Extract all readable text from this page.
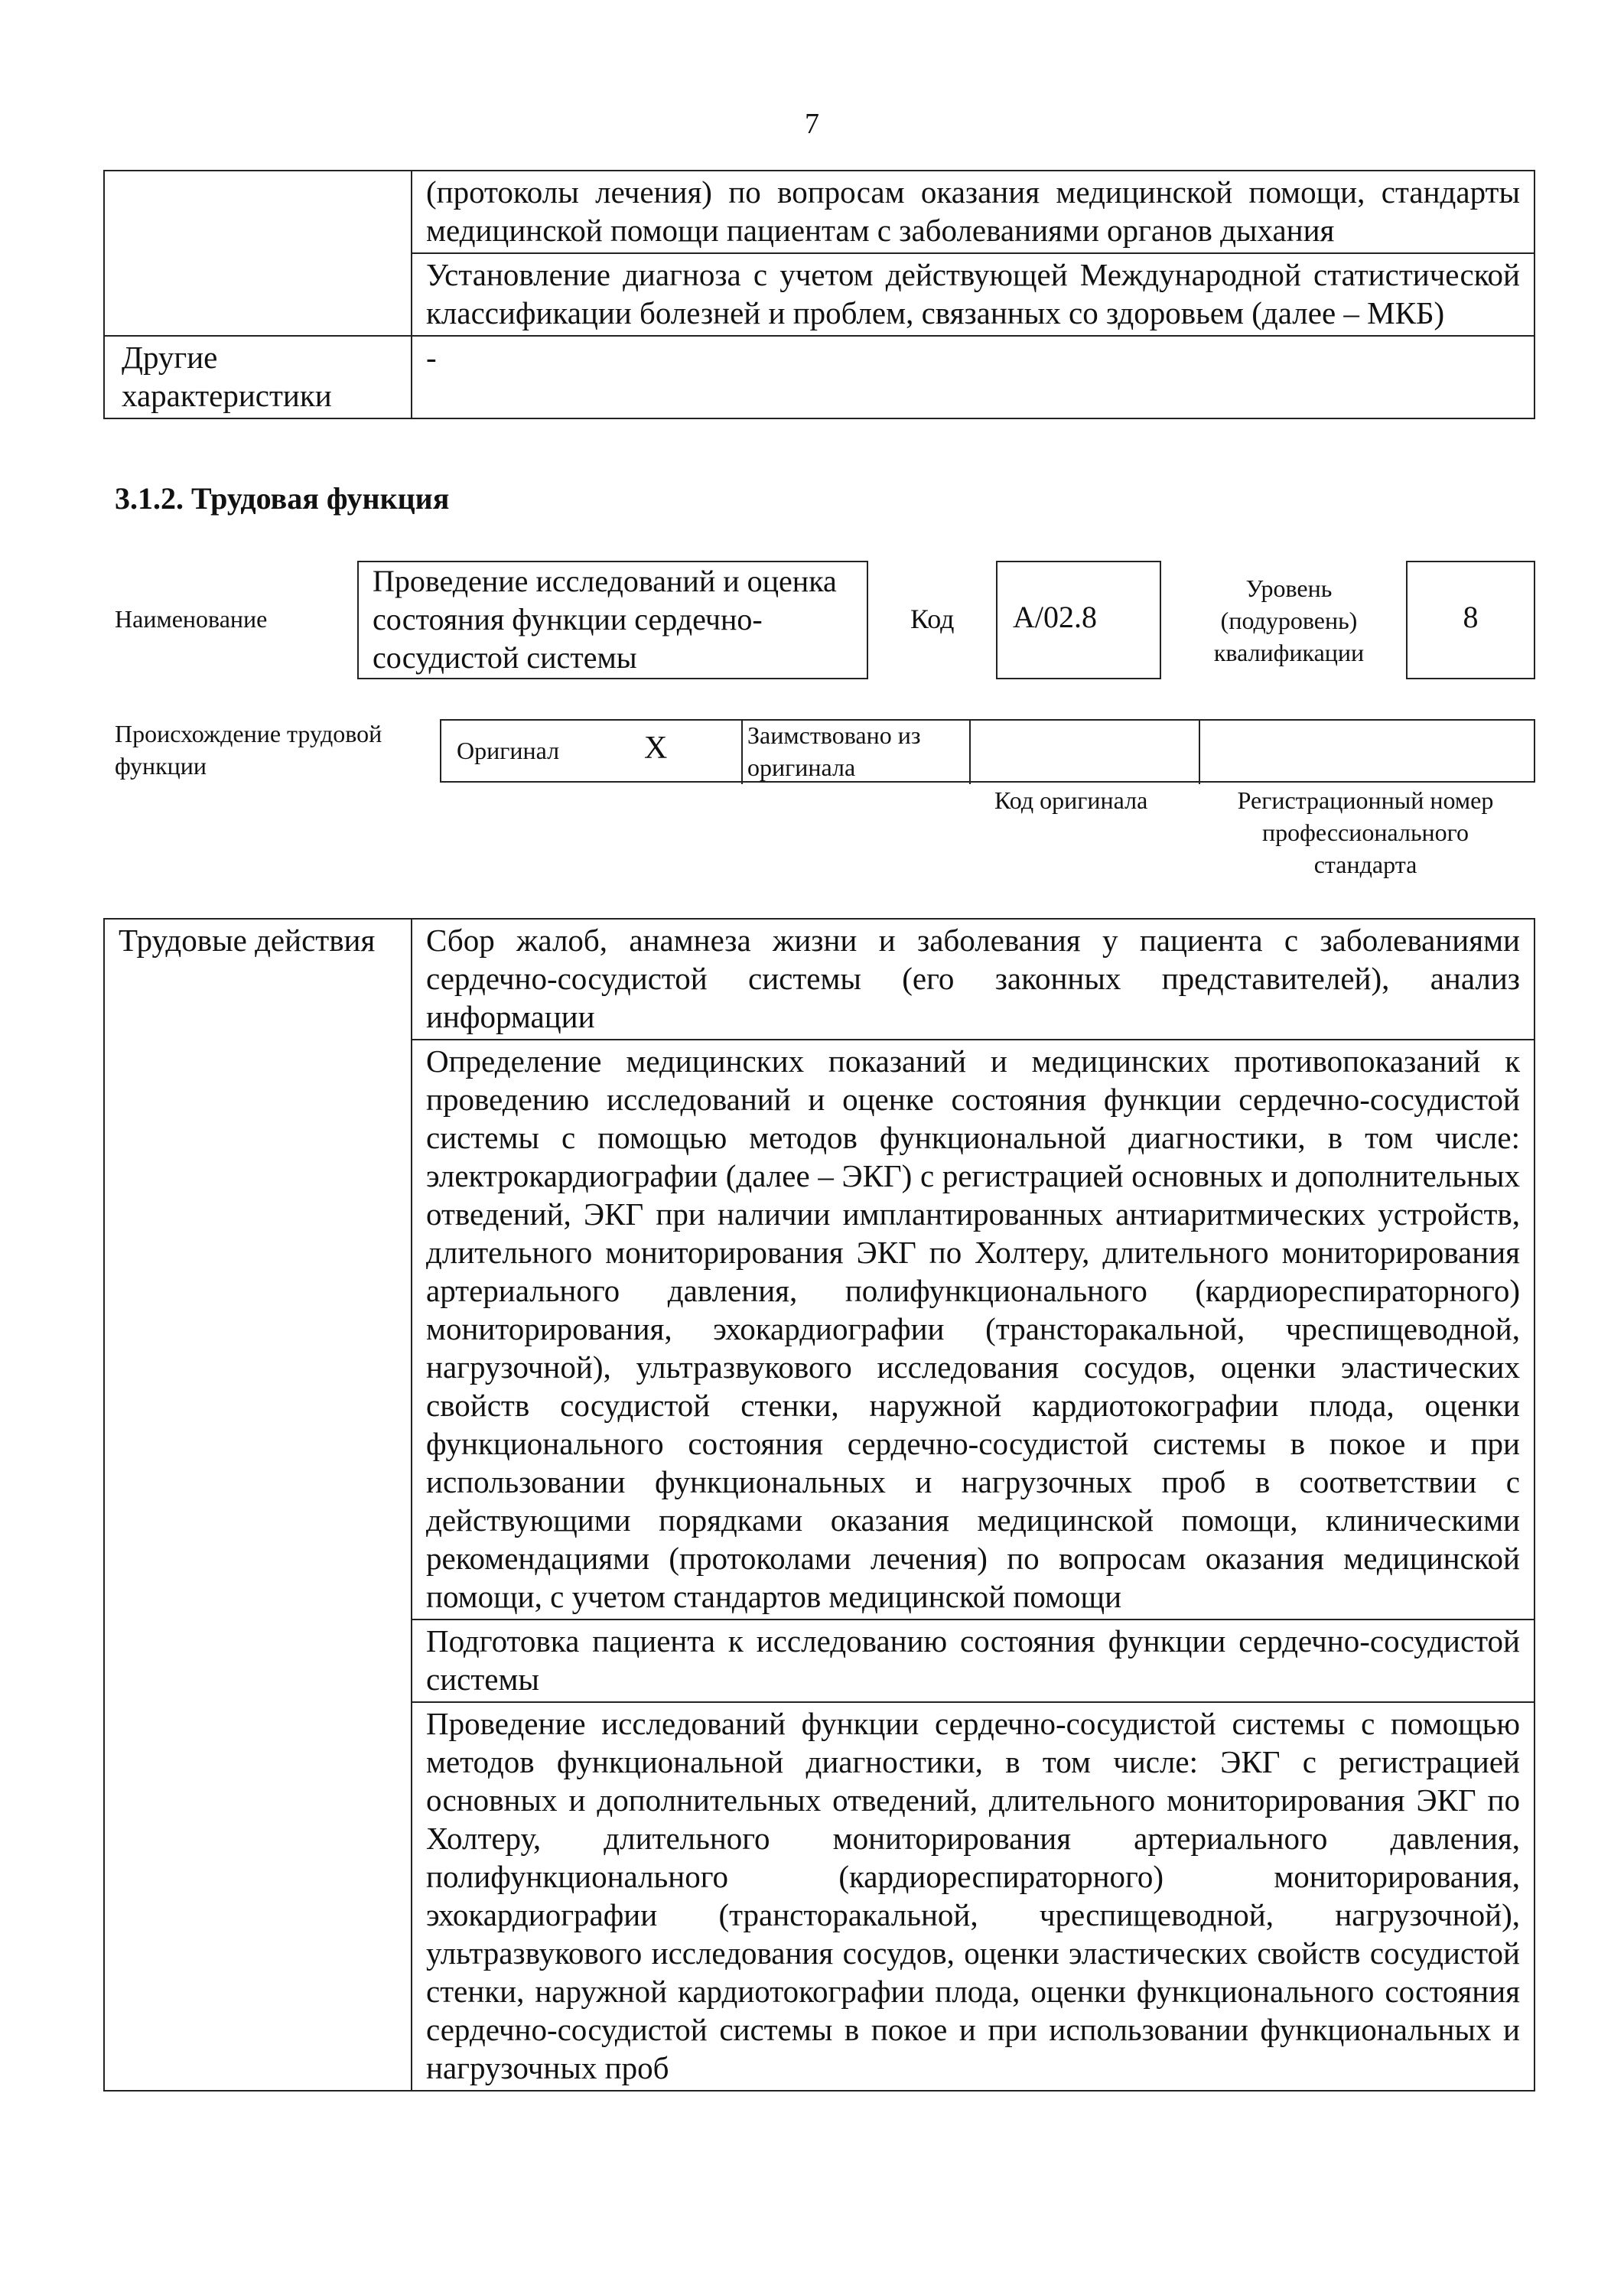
7
	(протоколы лечения) по вопросам оказания медицинской помощи, стандарты медицинской помощи пациентам с заболеваниями органов дыхания
	Установление диагноза с учетом действующей Международной статистической классификации болезней и проблем, связанных со здоровьем (далее – МКБ)
Другие характеристики	-
3.1.2. Трудовая функция
Наименование
Проведение исследований и оценка состояния функции сердечно-сосудистой системы
Код	A/02.8
Уровень (подуровень) квалификации
8
Происхождение трудовой функции
Оригинал	X	Заимствовано из оригинала
Код оригинала	Регистрационный номер профессионального стандарта
Трудовые действия	Сбор жалоб, анамнеза жизни и заболевания у пациента с заболеваниями сердечно-сосудистой системы (его законных представителей), анализ информации
Определение медицинских показаний и медицинских противопоказаний к проведению исследований и оценке состояния функции сердечно-сосудистой системы с помощью методов функциональной диагностики, в том числе: электрокардиографии (далее – ЭКГ) с регистрацией основных и дополнительных отведений, ЭКГ при наличии имплантированных антиаритмических устройств, длительного мониторирования ЭКГ по Холтеру, длительного мониторирования артериального давления, полифункционального (кардиореспираторного) мониторирования, эхокардиографии (трансторакальной, чреспищеводной, нагрузочной), ультразвукового исследования сосудов, оценки эластических свойств сосудистой стенки, наружной кардиотокографии плода, оценки функционального состояния сердечно-сосудистой системы в покое и при использовании функциональных и нагрузочных проб в соответствии с действующими порядками оказания медицинской помощи, клиническими рекомендациями (протоколами лечения) по вопросам оказания медицинской помощи, с учетом стандартов медицинской помощи
Подготовка пациента к исследованию состояния функции сердечно-сосудистой системы
Проведение исследований функции сердечно-сосудистой системы с помощью методов функциональной диагностики, в том числе: ЭКГ с регистрацией основных и дополнительных отведений, длительного мониторирования ЭКГ по Холтеру, длительного мониторирования артериального давления, полифункционального (кардиореспираторного) мониторирования, эхокардиографии (трансторакальной, чреспищеводной, нагрузочной), ультразвукового исследования сосудов, оценки эластических свойств сосудистой стенки, наружной кардиотокографии плода, оценки функционального состояния сердечно-сосудистой системы в покое и при использовании функциональных и нагрузочных проб
